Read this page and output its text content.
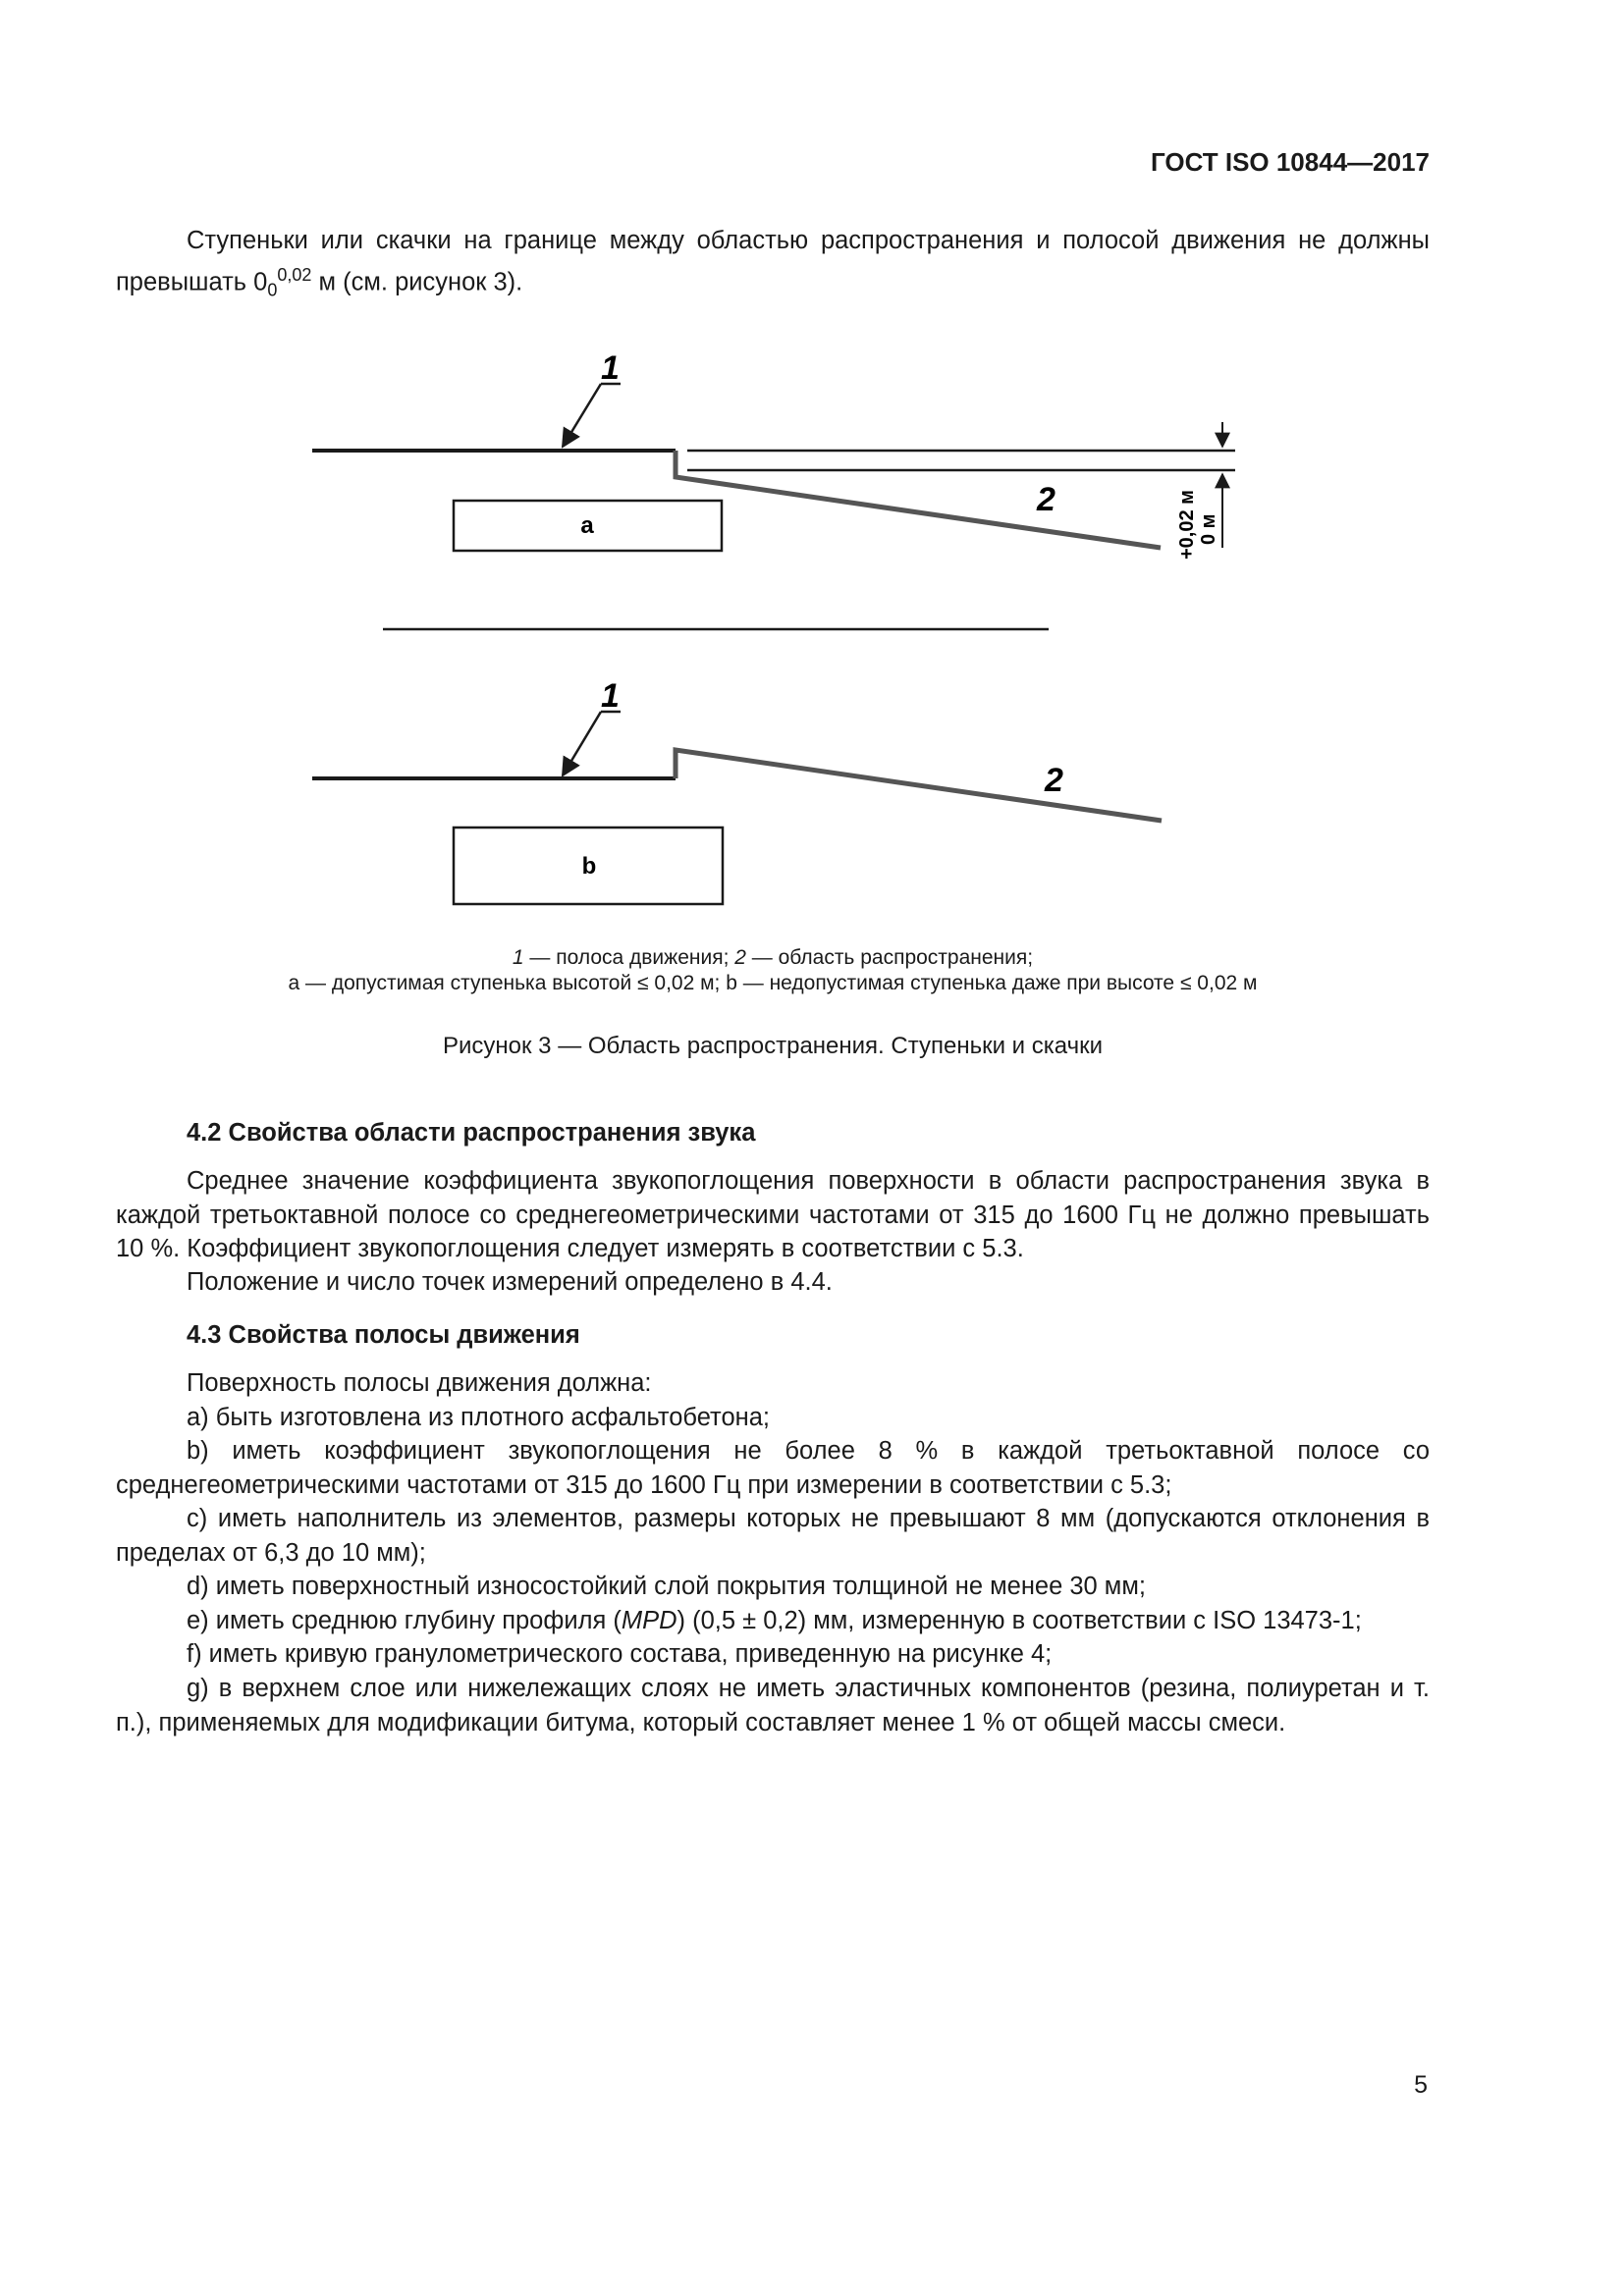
ГОСТ ISO 10844—2017

Ступеньки или скачки на границе между областью распространения и полосой движения не должны превышать $0_0^{0,02}$ м (см. рисунок 3).

1
2
a	+0,02 м 0 м
1
2
b
1 — полоса движения; 2 — область распространения;
а — допустимая ступенька высотой ≤ 0,02 м; b — недопустимая ступенька даже при высоте ≤ 0,02 м
Рисунок 3 — Область распространения. Ступеньки и скачки
4.2 Свойства области распространения звука

Среднее значение коэффициента звукопоглощения поверхности в области распространения звука в каждой третьоктавной полосе со среднегеометрическими частотами от 315 до 1600 Гц не должно превышать 10 %. Коэффициент звукопоглощения следует измерять в соответствии с 5.3.

Положение и число точек измерений определено в 4.4.

4.3 Свойства полосы движения

Поверхность полосы движения должна:

а) быть изготовлена из плотного асфальтобетона;

b) иметь коэффициент звукопоглощения не более 8 % в каждой третьоктавной полосе со среднегеометрическими частотами от 315 до 1600 Гц при измерении в соответствии с 5.3;

с) иметь наполнитель из элементов, размеры которых не превышают 8 мм (допускаются отклонения в пределах от 6,3 до 10 мм);

d) иметь поверхностный износостойкий слой покрытия толщиной не менее 30 мм;

е) иметь среднюю глубину профиля (MPD) (0,5 ± 0,2) мм, измеренную в соответствии с ISO 13473-1;

f) иметь кривую гранулометрического состава, приведенную на рисунке 4;

g) в верхнем слое или нижележащих слоях не иметь эластичных компонентов (резина, полиуретан и т. п.), применяемых для модификации битума, который составляет менее 1 % от общей массы смеси.

5
